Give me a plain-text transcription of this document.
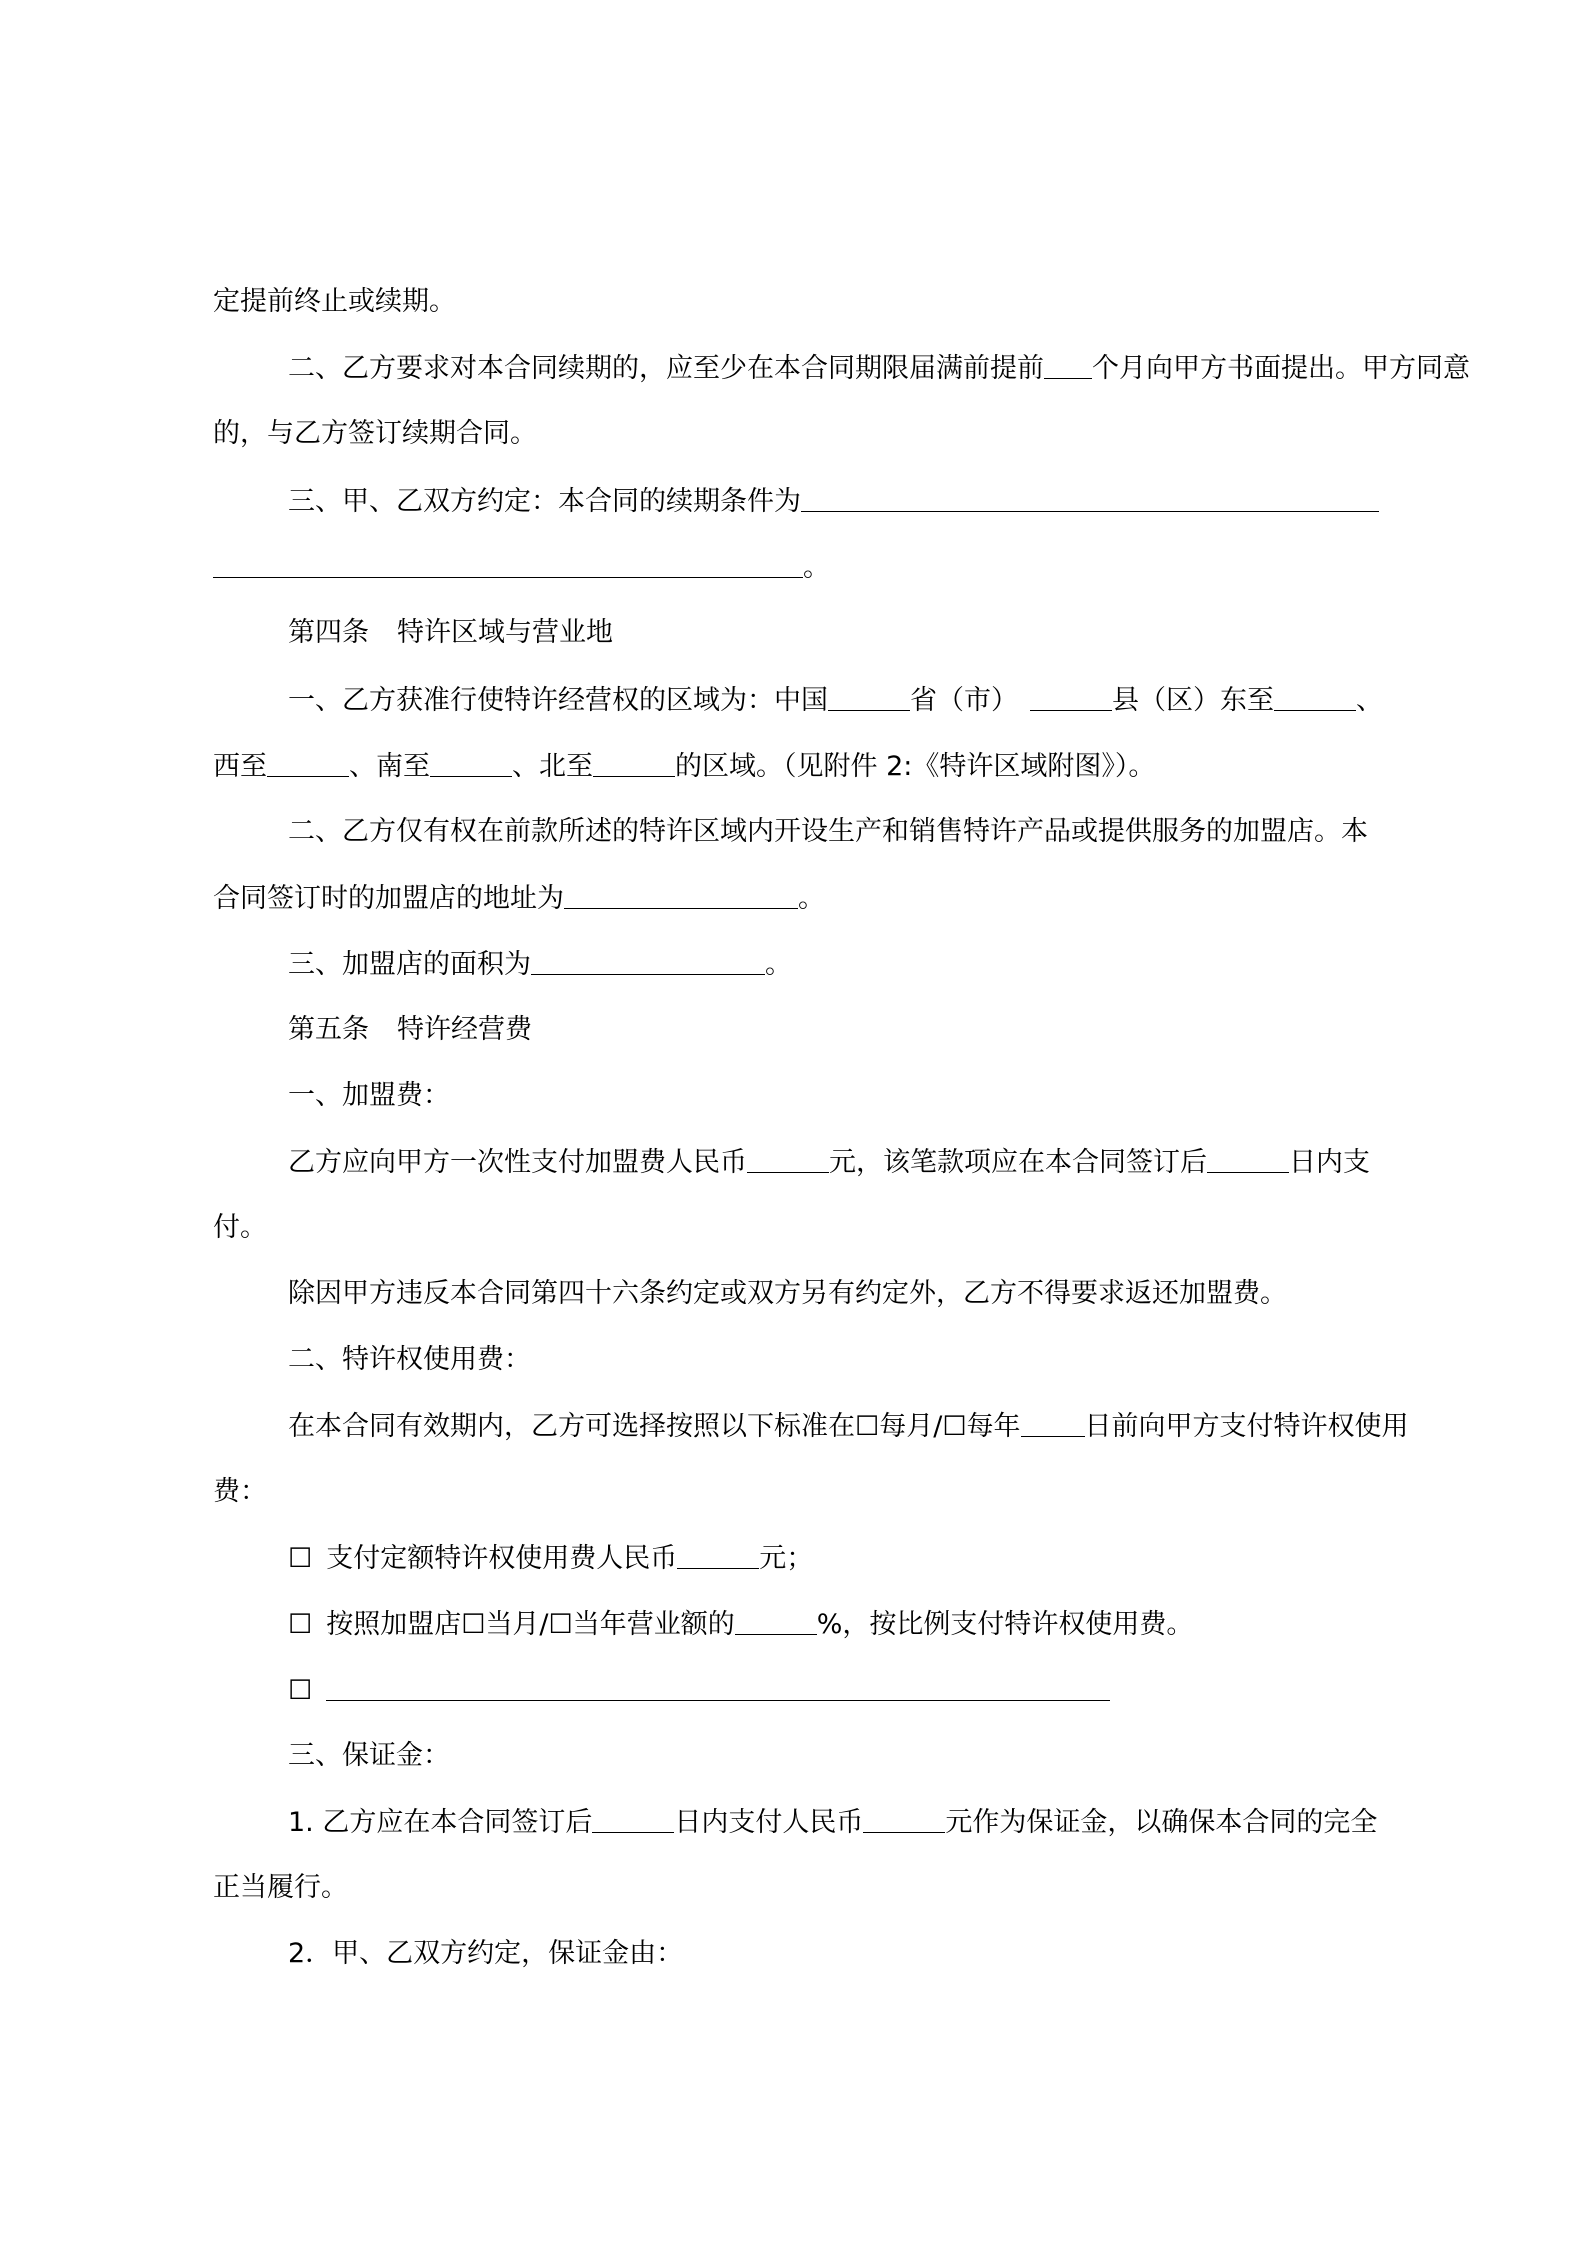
定提前终止或续期。
二、乙方要求对本合同续期的，应至少在本合同期限届满前提前 个月向甲方书面提出。甲方同意
的，与乙方签订续期合同。
三、甲、乙双方约定：本合同的续期条件为
。
第四条 特许区域与营业地
一、乙方获准行使特许经营权的区域为：中国	省（市）	县（区）东至	、
西至	、南至	、北至	的区域。（见附件 2:《特许区域附图》）。
二、乙方仅有权在前款所述的特许区域内开设生产和销售特许产品或提供服务的加盟店。本
合同签订时的加盟店的地址为	。
三、加盟店的面积为	。
第五条 特许经营费
一、加盟费：
乙方应向甲方一次性支付加盟费人民币	元，该笔款项应在本合同签订后	日内支
付。
除因甲方违反本合同第四十六条约定或双方另有约定外，乙方不得要求返还加盟费。
二、特许权使用费：
在本合同有效期内，乙方可选择按照以下标准在☐每月/☐每年 日前向甲方支付特许权使用
费：
☐ 支付定额特许权使用费人民币	元；
☐ 按照加盟店☐当月/☐当年营业额的	%，按比例支付特许权使用费。
☐
三、保证金：
1. 乙方应在本合同签订后	日内支付人民币	元作为保证金，以确保本合同的完全
正当履行。
2．甲、乙双方约定，保证金由：
